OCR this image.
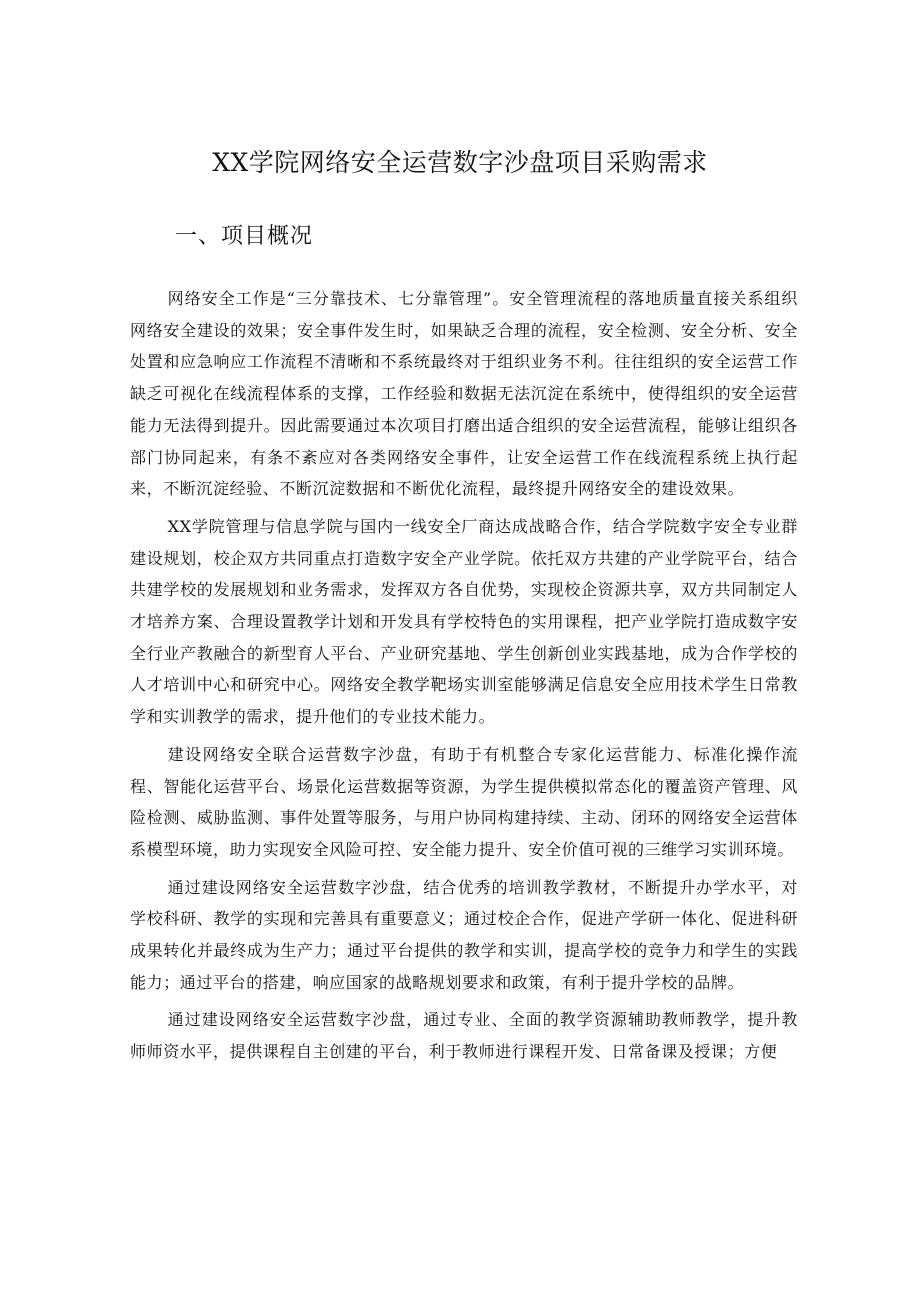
XX学院网络安全运营数字沙盘项目采购需求
一、项目概况

网络安全工作是“三分靠技术、七分靠管理”。安全管理流程的落地质量直接关系组织网络安全建设的效果；安全事件发生时，如果缺乏合理的流程，安全检测、安全分析、安全处置和应急响应工作流程不清晰和不系统最终对于组织业务不利。往往组织的安全运营工作缺乏可视化在线流程体系的支撑，工作经验和数据无法沉淀在系统中，使得组织的安全运营能力无法得到提升。因此需要通过本次项目打磨出适合组织的安全运营流程，能够让组织各部门协同起来，有条不紊应对各类网络安全事件，让安全运营工作在线流程系统上执行起来，不断沉淀经验、不断沉淀数据和不断优化流程，最终提升网络安全的建设效果。

XX学院管理与信息学院与国内一线安全厂商达成战略合作，结合学院数字安全专业群建设规划，校企双方共同重点打造数字安全产业学院。依托双方共建的产业学院平台，结合共建学校的发展规划和业务需求，发挥双方各自优势，实现校企资源共享，双方共同制定人才培养方案、合理设置教学计划和开发具有学校特色的实用课程，把产业学院打造成数字安全行业产教融合的新型育人平台、产业研究基地、学生创新创业实践基地，成为合作学校的人才培训中心和研究中心。网络安全教学靶场实训室能够满足信息安全应用技术学生日常教学和实训教学的需求，提升他们的专业技术能力。

建设网络安全联合运营数字沙盘，有助于有机整合专家化运营能力、标准化操作流程、智能化运营平台、场景化运营数据等资源，为学生提供模拟常态化的覆盖资产管理、风险检测、威胁监测、事件处置等服务，与用户协同构建持续、主动、闭环的网络安全运营体系模型环境，助力实现安全风险可控、安全能力提升、安全价值可视的三维学习实训环境。

通过建设网络安全运营数字沙盘，结合优秀的培训教学教材，不断提升办学水平，对学校科研、教学的实现和完善具有重要意义；通过校企合作，促进产学研一体化、促进科研成果转化并最终成为生产力；通过平台提供的教学和实训，提高学校的竞争力和学生的实践能力；通过平台的搭建，响应国家的战略规划要求和政策，有利于提升学校的品牌。

通过建设网络安全运营数字沙盘，通过专业、全面的教学资源辅助教师教学，提升教师师资水平，提供课程自主创建的平台，利于教师进行课程开发、日常备课及授课；方便
